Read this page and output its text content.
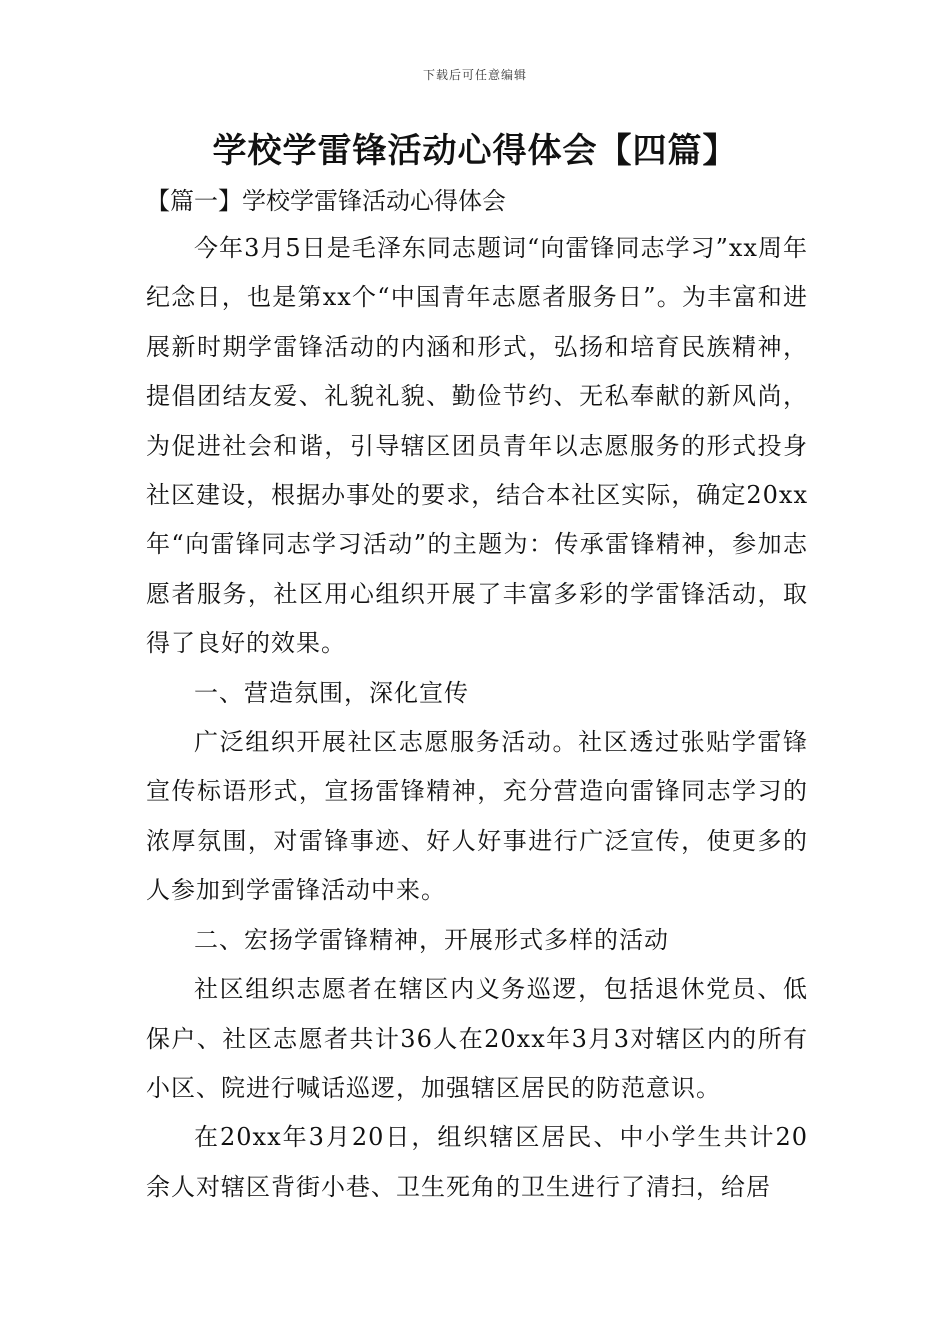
下载后可任意编辑
学校学雷锋活动心得体会【四篇】

【篇一】学校学雷锋活动心得体会

今年3月5日是毛泽东同志题词“向雷锋同志学习”xx周年纪念日，也是第xx个“中国青年志愿者服务日”。为丰富和进展新时期学雷锋活动的内涵和形式，弘扬和培育民族精神，提倡团结友爱、礼貌礼貌、勤俭节约、无私奉献的新风尚，为促进社会和谐，引导辖区团员青年以志愿服务的形式投身社区建设，根据办事处的要求，结合本社区实际，确定20xx年“向雷锋同志学习活动”的主题为：传承雷锋精神，参加志愿者服务，社区用心组织开展了丰富多彩的学雷锋活动，取得了良好的效果。

一、营造氛围，深化宣传

广泛组织开展社区志愿服务活动。社区透过张贴学雷锋宣传标语形式，宣扬雷锋精神，充分营造向雷锋同志学习的浓厚氛围，对雷锋事迹、好人好事进行广泛宣传，使更多的人参加到学雷锋活动中来。

二、宏扬学雷锋精神，开展形式多样的活动

社区组织志愿者在辖区内义务巡逻，包括退休党员、低保户、社区志愿者共计36人在20xx年3月3对辖区内的所有小区、院进行喊话巡逻，加强辖区居民的防范意识。

在20xx年3月20日，组织辖区居民、中小学生共计20余人对辖区背街小巷、卫生死角的卫生进行了清扫，给居
